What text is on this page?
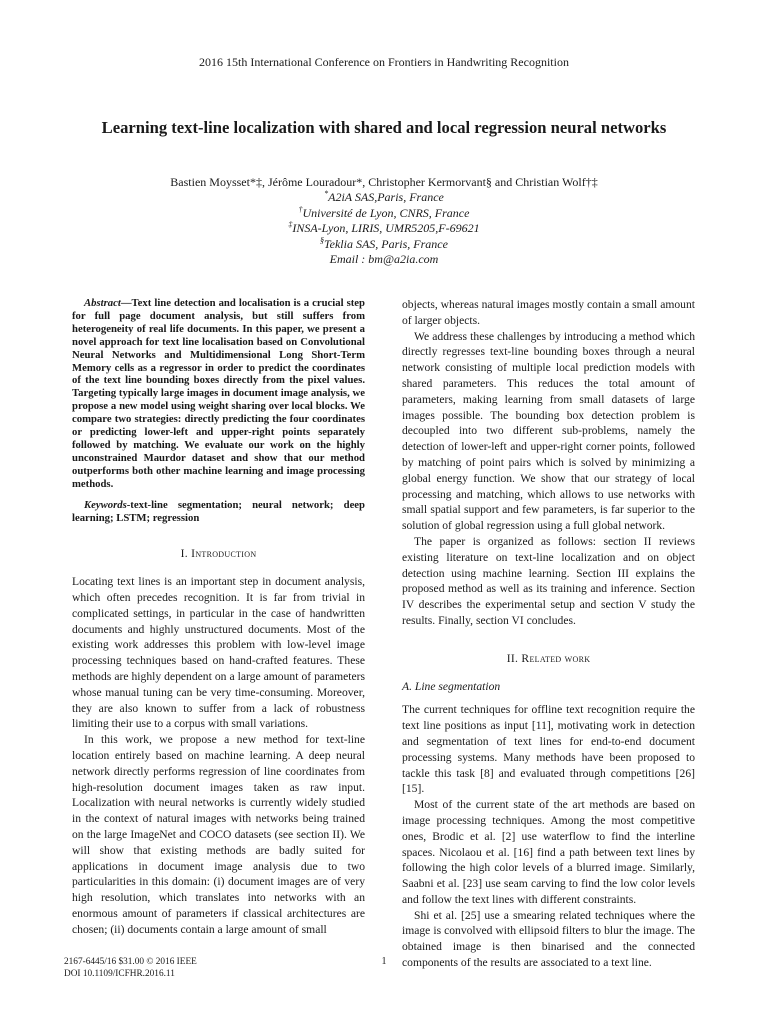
2016 15th International Conference on Frontiers in Handwriting Recognition
Learning text-line localization with shared and local regression neural networks
Bastien Moysset*‡, Jérôme Louradour*, Christopher Kermorvant§ and Christian Wolf†‡
*A2iA SAS,Paris, France
†Université de Lyon, CNRS, France
‡INSA-Lyon, LIRIS, UMR5205,F-69621
§Teklia SAS, Paris, France
Email : bm@a2ia.com

Abstract—Text line detection and localisation is a crucial step for full page document analysis, but still suffers from heterogeneity of real life documents. In this paper, we present a novel approach for text line localisation based on Convolutional Neural Networks and Multidimensional Long Short-Term Memory cells as a regressor in order to predict the coordinates of the text line bounding boxes directly from the pixel values. Targeting typically large images in document image analysis, we propose a new model using weight sharing over local blocks. We compare two strategies: directly predicting the four coordinates or predicting lower-left and upper-right points separately followed by matching. We evaluate our work on the highly unconstrained Maurdor dataset and show that our method outperforms both other machine learning and image processing methods.

Keywords-text-line segmentation; neural network; deep learning; LSTM; regression

I. Introduction

Locating text lines is an important step in document analysis, which often precedes recognition. It is far from trivial in complicated settings, in particular in the case of handwritten documents and highly unstructured documents. Most of the existing work addresses this problem with low-level image processing techniques based on hand-crafted features. These methods are highly dependent on a large amount of parameters whose manual tuning can be very time-consuming. Moreover, they are also known to suffer from a lack of robustness limiting their use to a corpus with small variations.

In this work, we propose a new method for text-line location entirely based on machine learning. A deep neural network directly performs regression of line coordinates from high-resolution document images taken as raw input. Localization with neural networks is currently widely studied in the context of natural images with networks being trained on the large ImageNet and COCO datasets (see section II). We will show that existing methods are badly suited for applications in document image analysis due to two particularities in this domain: (i) document images are of very high resolution, which translates into networks with an enormous amount of parameters if classical architectures are chosen; (ii) documents contain a large amount of small

objects, whereas natural images mostly contain a small amount of larger objects.

We address these challenges by introducing a method which directly regresses text-line bounding boxes through a neural network consisting of multiple local prediction models with shared parameters. This reduces the total amount of parameters, making learning from small datasets of large images possible. The bounding box detection problem is decoupled into two different sub-problems, namely the detection of lower-left and upper-right corner points, followed by matching of point pairs which is solved by minimizing a global energy function. We show that our strategy of local processing and matching, which allows to use networks with small spatial support and few parameters, is far superior to the solution of global regression using a full global network.

The paper is organized as follows: section II reviews existing literature on text-line localization and on object detection using machine learning. Section III explains the proposed method as well as its training and inference. Section IV describes the experimental setup and section V study the results. Finally, section VI concludes.

II. Related work

A. Line segmentation

The current techniques for offline text recognition require the text line positions as input [11], motivating work in detection and segmentation of text lines for end-to-end document processing systems. Many methods have been proposed to tackle this task [8] and evaluated through competitions [26] [15].

Most of the current state of the art methods are based on image processing techniques. Among the most competitive ones, Brodic et al. [2] use waterflow to find the interline spaces. Nicolaou et al. [16] find a path between text lines by following the high color levels of a blurred image. Similarly, Saabni et al. [23] use seam carving to find the low color levels and follow the text lines with different constraints.

Shi et al. [25] use a smearing related techniques where the image is convolved with ellipsoid filters to blur the image. The obtained image is then binarised and the connected components of the results are associated to a text line.

2167-6445/16 $31.00 © 2016 IEEE
DOI 10.1109/ICFHR.2016.11
1
